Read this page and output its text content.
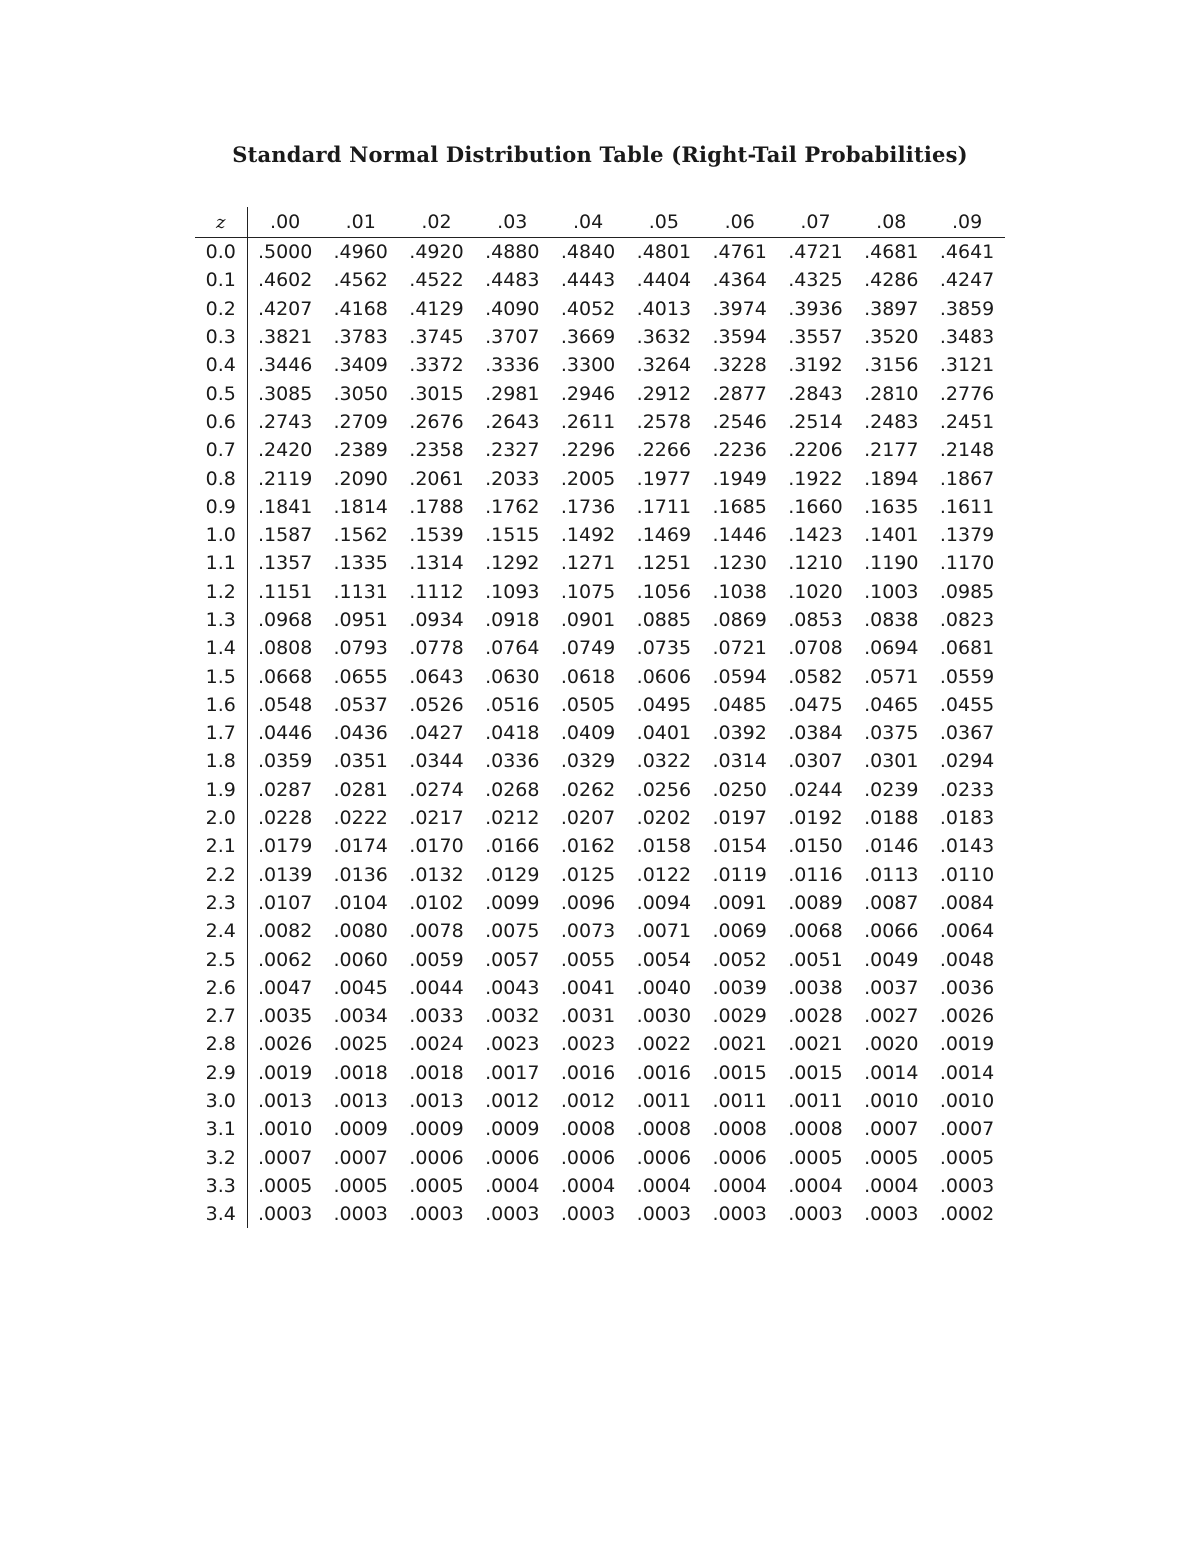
Standard Normal Distribution Table (Right-Tail Probabilities)
z	.00	.01	.02	.03	.04	.05	.06	.07	.08	.09
0.0	.5000	.4960	.4920	.4880	.4840	.4801	.4761	.4721	.4681	.4641
0.1	.4602	.4562	.4522	.4483	.4443	.4404	.4364	.4325	.4286	.4247
0.2	.4207	.4168	.4129	.4090	.4052	.4013	.3974	.3936	.3897	.3859
0.3	.3821	.3783	.3745	.3707	.3669	.3632	.3594	.3557	.3520	.3483
0.4	.3446	.3409	.3372	.3336	.3300	.3264	.3228	.3192	.3156	.3121
0.5	.3085	.3050	.3015	.2981	.2946	.2912	.2877	.2843	.2810	.2776
0.6	.2743	.2709	.2676	.2643	.2611	.2578	.2546	.2514	.2483	.2451
0.7	.2420	.2389	.2358	.2327	.2296	.2266	.2236	.2206	.2177	.2148
0.8	.2119	.2090	.2061	.2033	.2005	.1977	.1949	.1922	.1894	.1867
0.9	.1841	.1814	.1788	.1762	.1736	.1711	.1685	.1660	.1635	.1611
1.0	.1587	.1562	.1539	.1515	.1492	.1469	.1446	.1423	.1401	.1379
1.1	.1357	.1335	.1314	.1292	.1271	.1251	.1230	.1210	.1190	.1170
1.2	.1151	.1131	.1112	.1093	.1075	.1056	.1038	.1020	.1003	.0985
1.3	.0968	.0951	.0934	.0918	.0901	.0885	.0869	.0853	.0838	.0823
1.4	.0808	.0793	.0778	.0764	.0749	.0735	.0721	.0708	.0694	.0681
1.5	.0668	.0655	.0643	.0630	.0618	.0606	.0594	.0582	.0571	.0559
1.6	.0548	.0537	.0526	.0516	.0505	.0495	.0485	.0475	.0465	.0455
1.7	.0446	.0436	.0427	.0418	.0409	.0401	.0392	.0384	.0375	.0367
1.8	.0359	.0351	.0344	.0336	.0329	.0322	.0314	.0307	.0301	.0294
1.9	.0287	.0281	.0274	.0268	.0262	.0256	.0250	.0244	.0239	.0233
2.0	.0228	.0222	.0217	.0212	.0207	.0202	.0197	.0192	.0188	.0183
2.1	.0179	.0174	.0170	.0166	.0162	.0158	.0154	.0150	.0146	.0143
2.2	.0139	.0136	.0132	.0129	.0125	.0122	.0119	.0116	.0113	.0110
2.3	.0107	.0104	.0102	.0099	.0096	.0094	.0091	.0089	.0087	.0084
2.4	.0082	.0080	.0078	.0075	.0073	.0071	.0069	.0068	.0066	.0064
2.5	.0062	.0060	.0059	.0057	.0055	.0054	.0052	.0051	.0049	.0048
2.6	.0047	.0045	.0044	.0043	.0041	.0040	.0039	.0038	.0037	.0036
2.7	.0035	.0034	.0033	.0032	.0031	.0030	.0029	.0028	.0027	.0026
2.8	.0026	.0025	.0024	.0023	.0023	.0022	.0021	.0021	.0020	.0019
2.9	.0019	.0018	.0018	.0017	.0016	.0016	.0015	.0015	.0014	.0014
3.0	.0013	.0013	.0013	.0012	.0012	.0011	.0011	.0011	.0010	.0010
3.1	.0010	.0009	.0009	.0009	.0008	.0008	.0008	.0008	.0007	.0007
3.2	.0007	.0007	.0006	.0006	.0006	.0006	.0006	.0005	.0005	.0005
3.3	.0005	.0005	.0005	.0004	.0004	.0004	.0004	.0004	.0004	.0003
3.4	.0003	.0003	.0003	.0003	.0003	.0003	.0003	.0003	.0003	.0002
